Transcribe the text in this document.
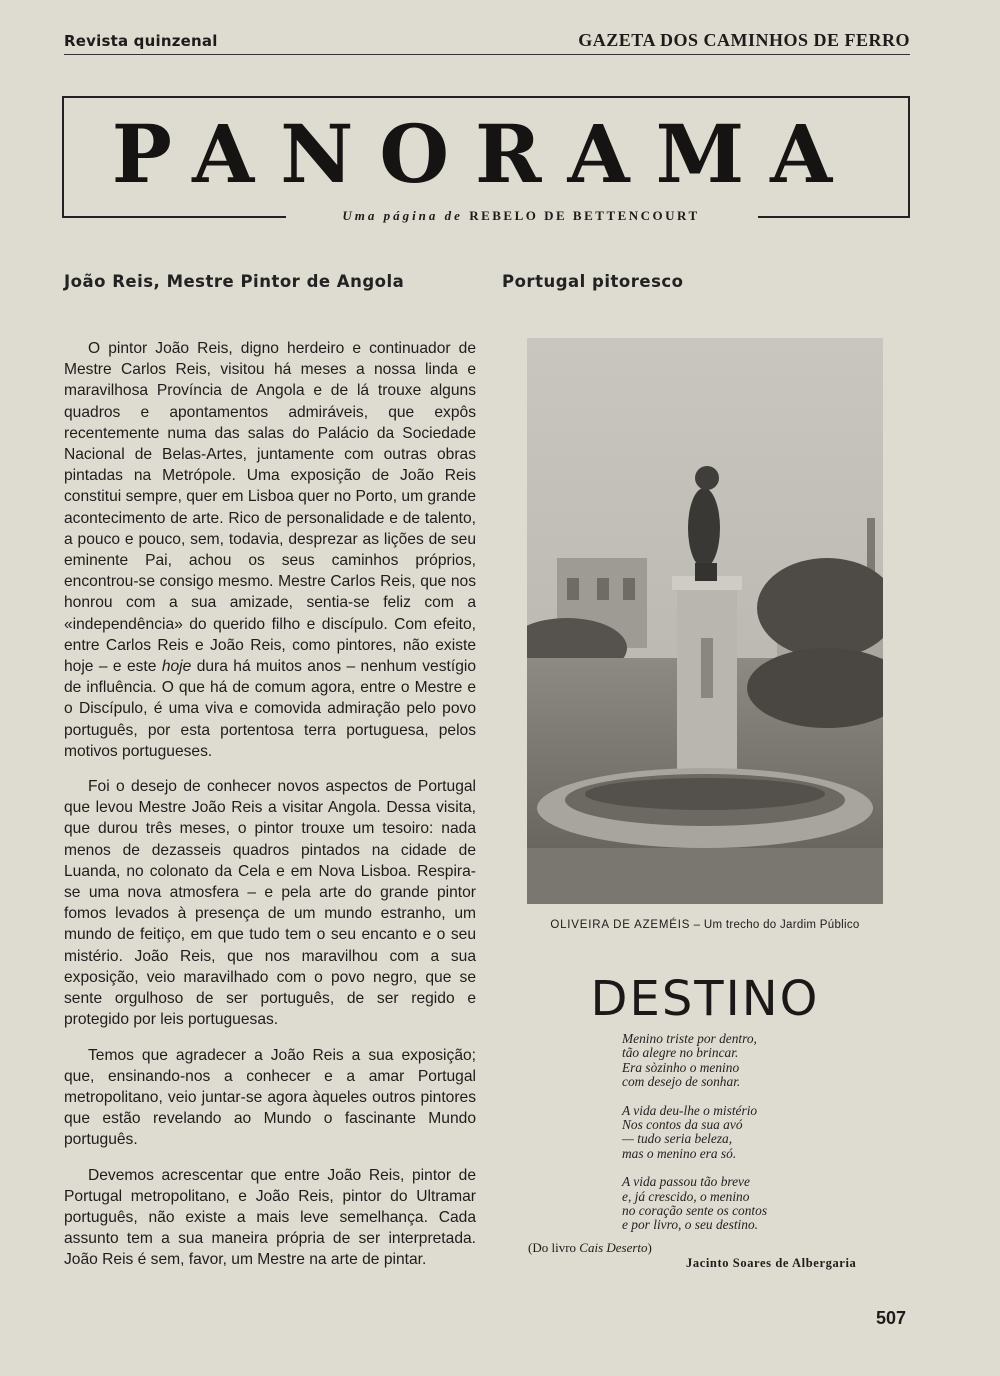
Revista quinzenal	GAZETA DOS CAMINHOS DE FERRO
PANORAMA
Uma página de REBELO DE BETTENCOURT
João Reis, Mestre Pintor de Angola

O pintor João Reis, digno herdeiro e continuador de Mestre Carlos Reis, visitou há meses a nossa linda e maravilhosa Província de Angola e de lá trouxe alguns quadros e apontamentos admiráveis, que expôs recentemente numa das salas do Palácio da Sociedade Nacional de Belas-Artes, juntamente com outras obras pintadas na Metrópole. Uma exposição de João Reis constitui sempre, quer em Lisboa quer no Porto, um grande acontecimento de arte. Rico de personalidade e de talento, a pouco e pouco, sem, todavia, desprezar as lições de seu eminente Pai, achou os seus caminhos próprios, encontrou-se consigo mesmo. Mestre Carlos Reis, que nos honrou com a sua amizade, sentia-se feliz com a «independência» do querido filho e discípulo. Com efeito, entre Carlos Reis e João Reis, como pintores, não existe hoje – e este hoje dura há muitos anos – nenhum vestígio de influência. O que há de comum agora, entre o Mestre e o Discípulo, é uma viva e comovida admiração pelo povo português, por esta portentosa terra portuguesa, pelos motivos portugueses.

Foi o desejo de conhecer novos aspectos de Portugal que levou Mestre João Reis a visitar Angola. Dessa visita, que durou três meses, o pintor trouxe um tesoiro: nada menos de dezasseis quadros pintados na cidade de Luanda, no colonato da Cela e em Nova Lisboa. Respira-se uma nova atmosfera – e pela arte do grande pintor fomos levados à presença de um mundo estranho, um mundo de feitiço, em que tudo tem o seu encanto e o seu mistério. João Reis, que nos maravilhou com a sua exposição, veio maravilhado com o povo negro, que se sente orgulhoso de ser português, de ser regido e protegido por leis portuguesas.

Temos que agradecer a João Reis a sua exposição; que, ensinando-nos a conhecer e a amar Portugal metropolitano, veio juntar-se agora àqueles outros pintores que estão revelando ao Mundo o fascinante Mundo português.

Devemos acrescentar que entre João Reis, pintor de Portugal metropolitano, e João Reis, pintor do Ultramar português, não existe a mais leve semelhança. Cada assunto tem a sua maneira própria de ser interpretada. João Reis é sem, favor, um Mestre na arte de pintar.

Portugal pitoresco
OLIVEIRA DE AZEMÉIS – Um trecho do Jardim Público
DESTINO
Menino triste por dentro,
tão alegre no brincar.
Era sòzinho o menino
com desejo de sonhar.
A vida deu-lhe o mistério
Nos contos da sua avó
— tudo seria beleza,
mas o menino era só.
A vida passou tão breve
e, já crescido, o menino
no coração sente os contos
e por livro, o seu destino.
(Do livro Cais Deserto)
Jacinto Soares de Albergaria
507
